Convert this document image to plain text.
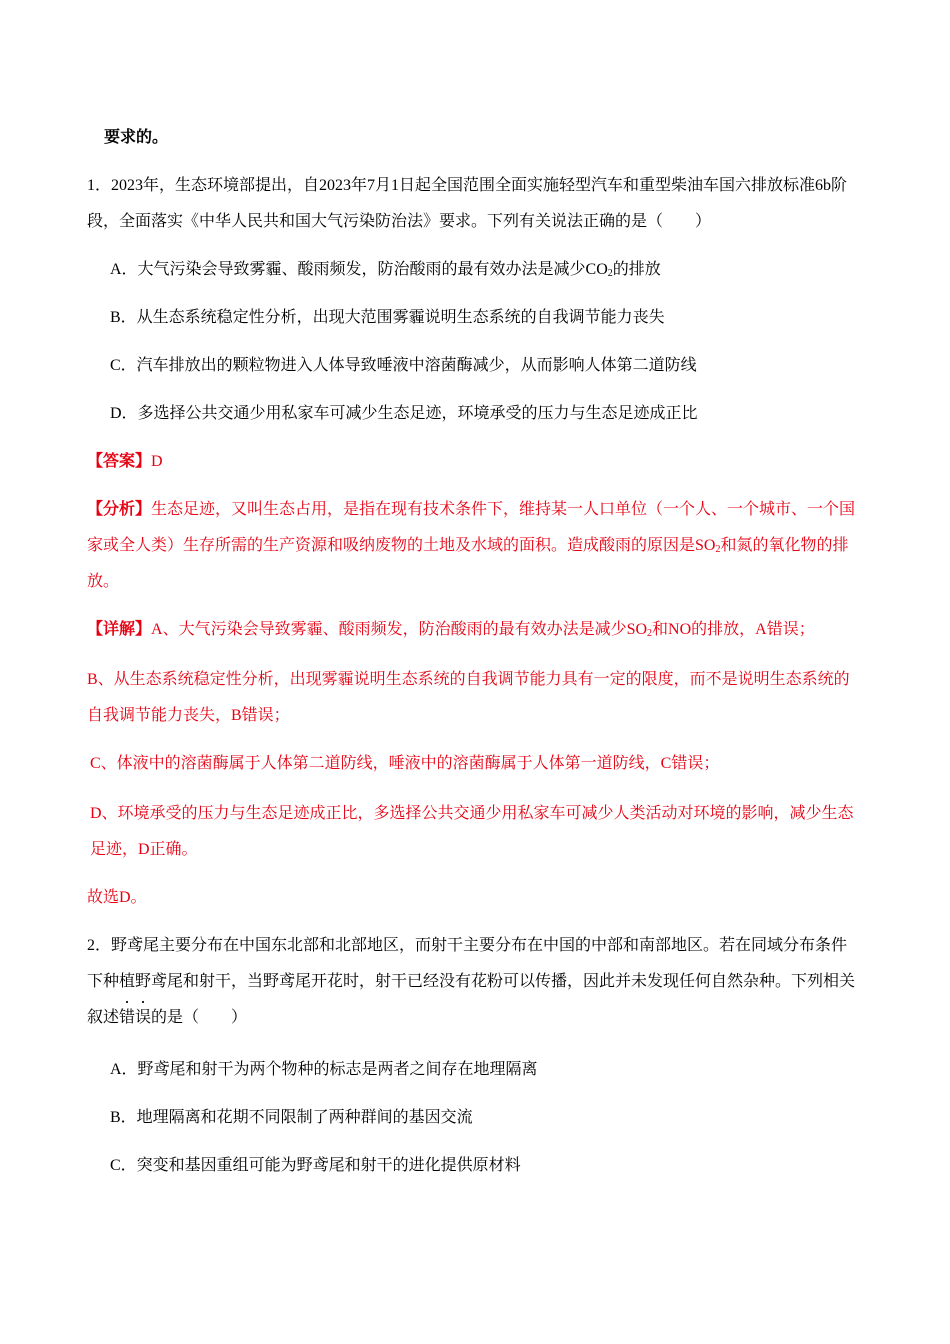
要求的。

1．2023年，生态环境部提出，自2023年7月1日起全国范围全面实施轻型汽车和重型柴油车国六排放标准6b阶段，全面落实《中华人民共和国大气污染防治法》要求。下列有关说法正确的是（　　）

A．大气污染会导致雾霾、酸雨频发，防治酸雨的最有效办法是减少$CO_2$的排放

B．从生态系统稳定性分析，出现大范围雾霾说明生态系统的自我调节能力丧失

C．汽车排放出的颗粒物进入人体导致唾液中溶菌酶减少，从而影响人体第二道防线

D．多选择公共交通少用私家车可减少生态足迹，环境承受的压力与生态足迹成正比

【答案】D

【分析】生态足迹，又叫生态占用，是指在现有技术条件下，维持某一人口单位（一个人、一个城市、一个国家或全人类）生存所需的生产资源和吸纳废物的土地及水域的面积。造成酸雨的原因是$SO_2$和氮的氧化物的排放。

【详解】A、大气污染会导致雾霾、酸雨频发，防治酸雨的最有效办法是减少$SO_2$和NO的排放，A错误；

B、从生态系统稳定性分析，出现雾霾说明生态系统的自我调节能力具有一定的限度，而不是说明生态系统的自我调节能力丧失，B错误；

C、体液中的溶菌酶属于人体第二道防线，唾液中的溶菌酶属于人体第一道防线，C错误；

D、环境承受的压力与生态足迹成正比，多选择公共交通少用私家车可减少人类活动对环境的影响，减少生态足迹，D正确。

故选D。

2．野鸢尾主要分布在中国东北部和北部地区，而射干主要分布在中国的中部和南部地区。若在同域分布条件下种植野鸢尾和射干，当野鸢尾开花时，射干已经没有花粉可以传播，因此并未发现任何自然杂种。下列相关叙述错误的是（　　）

A．野鸢尾和射干为两个物种的标志是两者之间存在地理隔离

B．地理隔离和花期不同限制了两种群间的基因交流

C．突变和基因重组可能为野鸢尾和射干的进化提供原材料
